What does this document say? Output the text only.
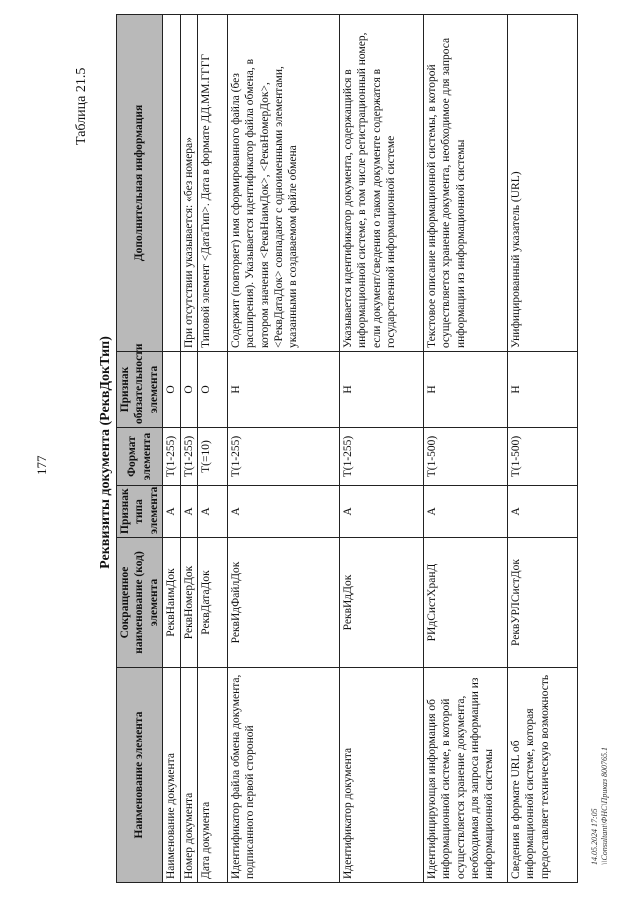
177
Таблица 21.5
Реквизиты документа (РеквДокТип)
Наименование элемента	Сокращенное наименование (код) элемента	Признак типа элемента	Формат элемента	Признак обязательности элемента	Дополнительная информация
Наименование документа	РеквНаимДок	А	T(1-255)	О	
Номер документа	РеквНомерДок	А	T(1-255)	О	При отсутствии указывается: «без номера»
Дата документа	РеквДатаДок	А	T(=10)	О	Типовой элемент <ДатаТип>. Дата в формате ДД.ММ.ГГГГ
Идентификатор файла обмена документа, подписанного первой стороной	РеквИдФайлДок	А	T(1-255)	Н	Содержит (повторяет) имя сформированного файла (без расширения). Указывается идентификатор файла обмена, в котором значения <РеквНаимДок>, <РеквНомерДок>, <РеквДатаДок> совпадают с одноименными элементами, указанными в создаваемом файле обмена
Идентификатор документа	РеквИдДок	А	T(1-255)	Н	Указывается идентификатор документа, содержащийся в информационной системе, в том числе регистрационный номер, если документ/сведения о таком документе содержатся в государственной информационной системе
Идентифицирующая информация об информационной системе, в которой осуществляется хранение документа, необходимая для запроса информации из информационной системы	РИдСистХранД	А	T(1-500)	Н	Текстовое описание информационной системы, в которой осуществляется хранение документа, необходимое для запроса информации из информационной системы
Сведения в формате URL об информационной системе, которая предоставляет техническую возможность	РеквУРЛСистДок	А	T(1-500)	Н	Унифицированный указатель (URL)
14.05.2024 17:05 \\Consultant\ФНС\Приказ 800765.1
